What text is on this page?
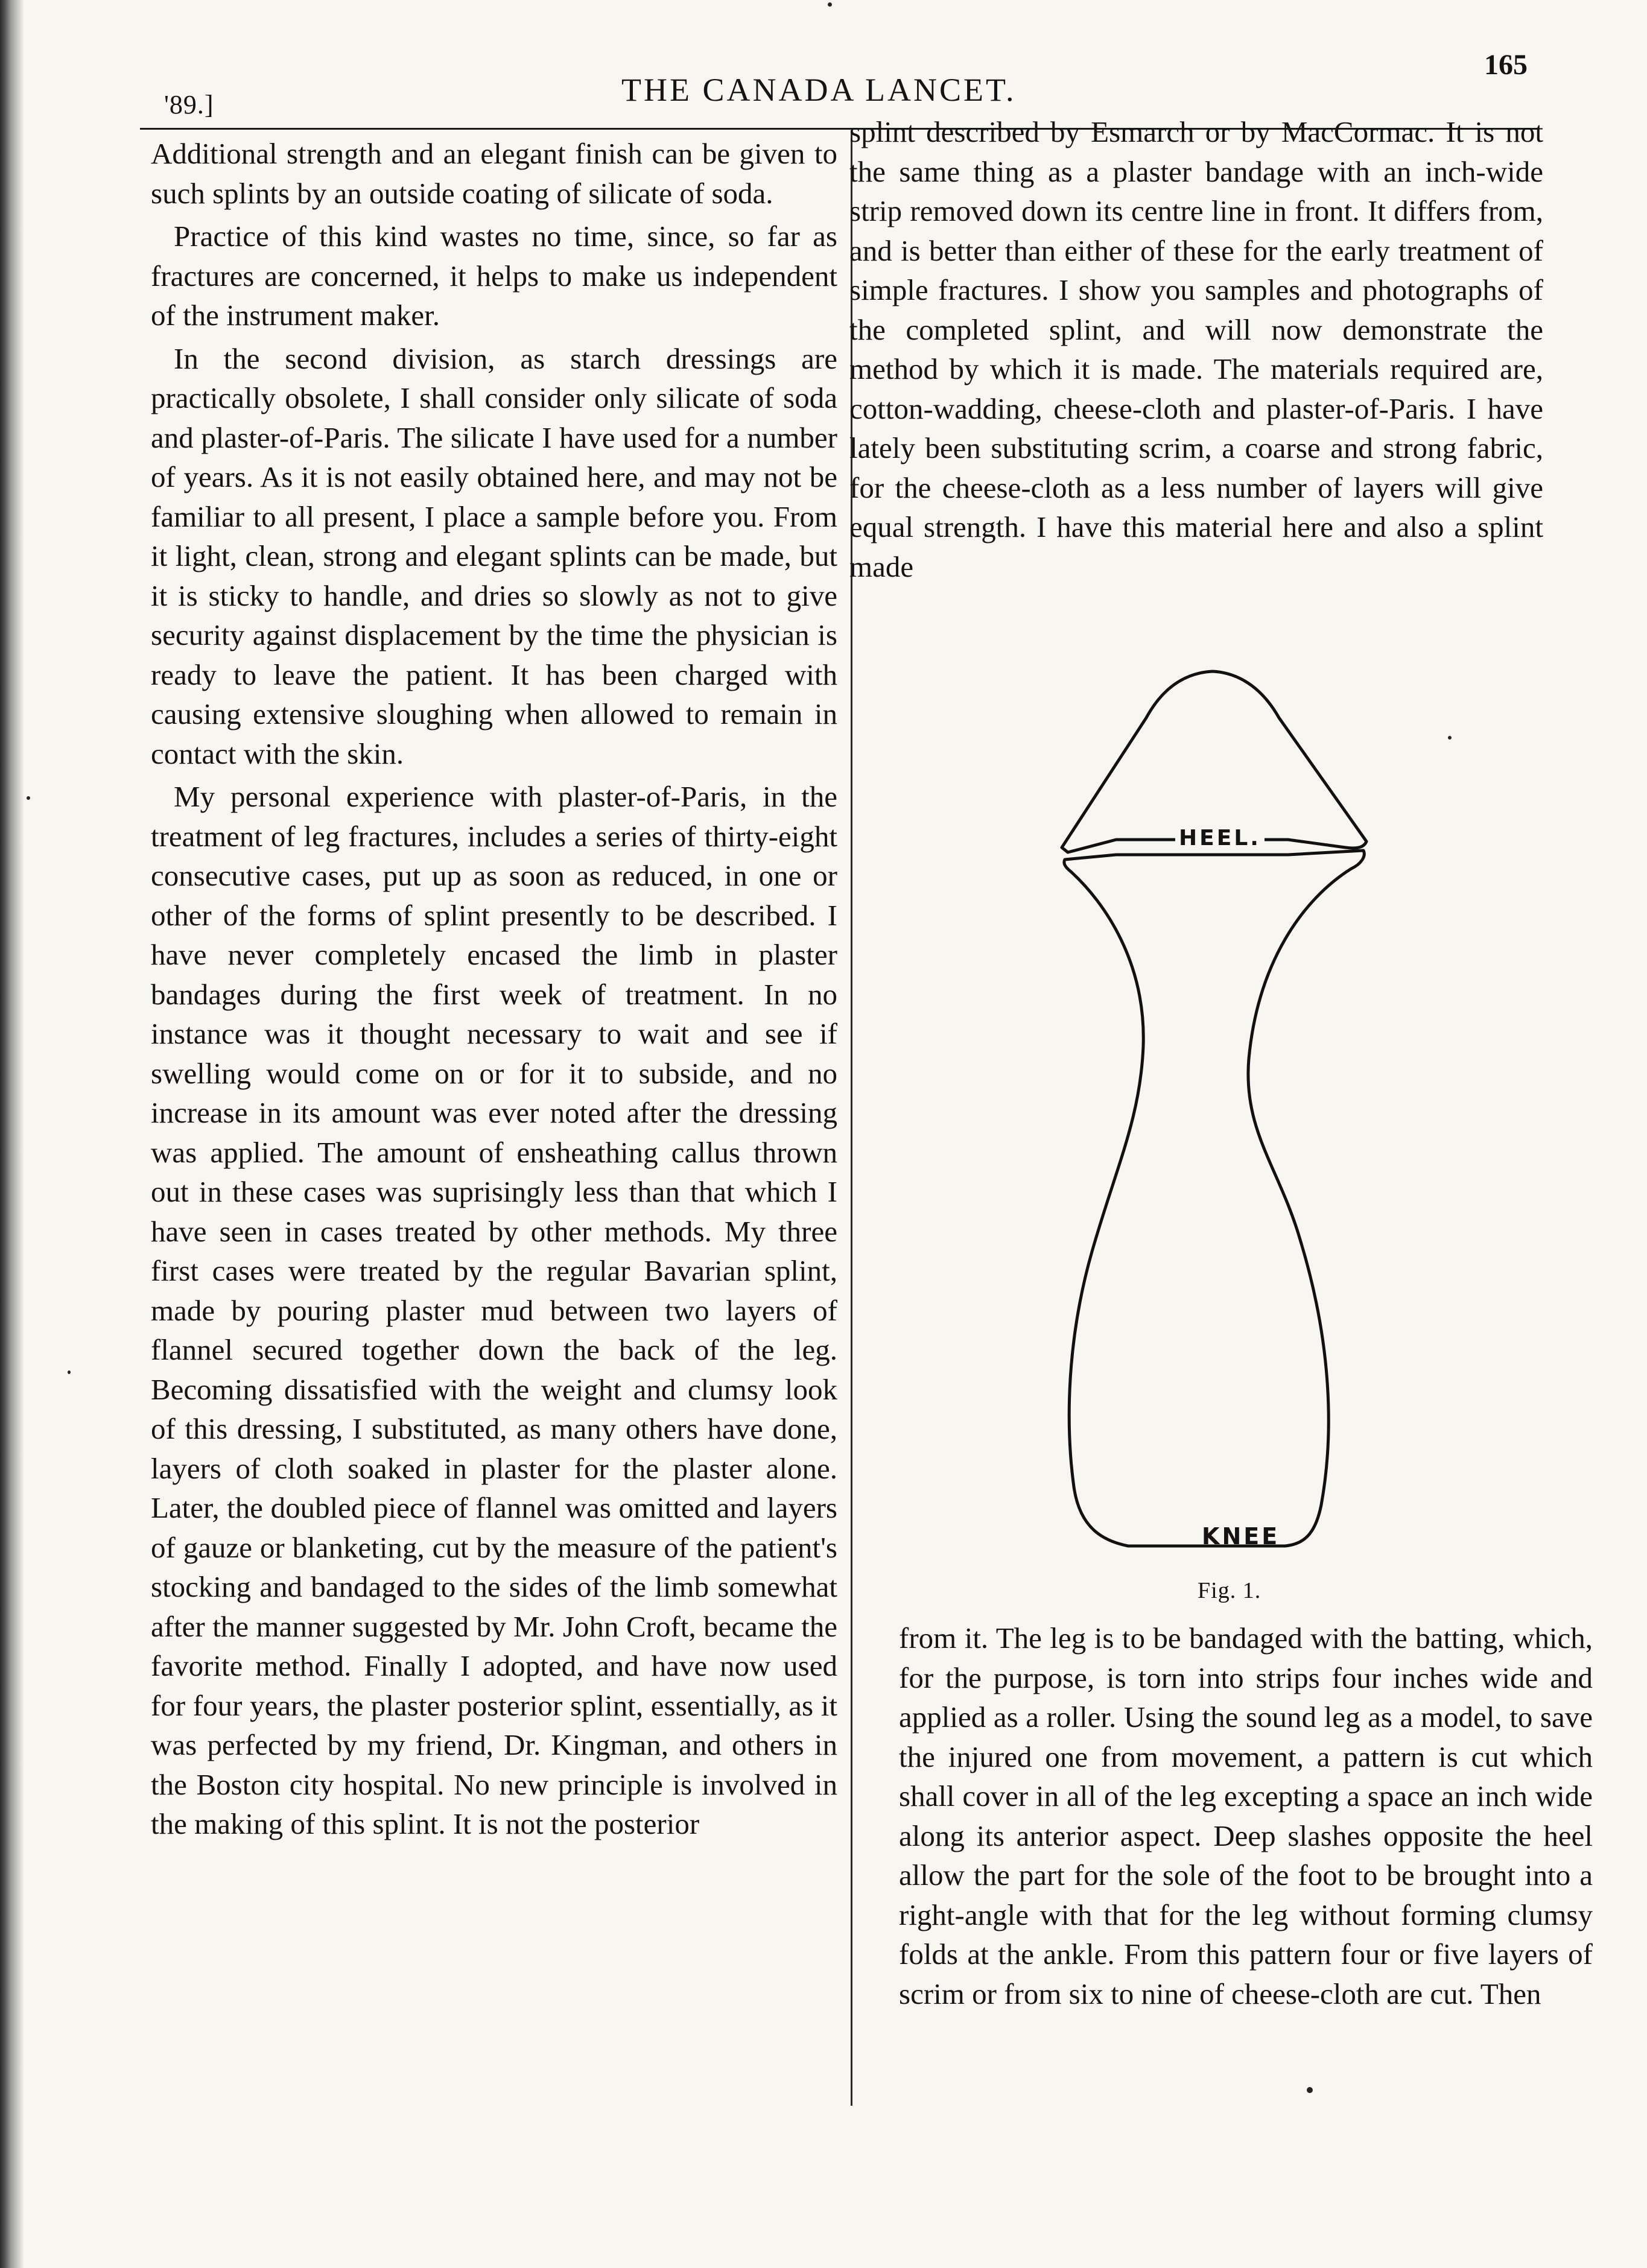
'89.]	THE CANADA LANCET.
165

Additional strength and an elegant finish can be given to such splints by an outside coating of silicate of soda.

Practice of this kind wastes no time, since, so far as fractures are concerned, it helps to make us independent of the instrument maker.

In the second division, as starch dressings are practically obsolete, I shall consider only silicate of soda and plaster-of-Paris. The silicate I have used for a number of years. As it is not easily obtained here, and may not be familiar to all present, I place a sample before you. From it light, clean, strong and elegant splints can be made, but it is sticky to handle, and dries so slowly as not to give security against displacement by the time the physician is ready to leave the patient. It has been charged with causing extensive sloughing when allowed to remain in contact with the skin.

My personal experience with plaster-of-Paris, in the treatment of leg fractures, includes a series of thirty-eight consecutive cases, put up as soon as reduced, in one or other of the forms of splint presently to be described. I have never completely encased the limb in plaster bandages during the first week of treatment. In no instance was it thought necessary to wait and see if swelling would come on or for it to subside, and no increase in its amount was ever noted after the dressing was applied. The amount of ensheathing callus thrown out in these cases was suprisingly less than that which I have seen in cases treated by other methods. My three first cases were treated by the regular Bavarian splint, made by pouring plaster mud between two layers of flannel secured together down the back of the leg. Becoming dissatisfied with the weight and clumsy look of this dressing, I substituted, as many others have done, layers of cloth soaked in plaster for the plaster alone. Later, the doubled piece of flannel was omitted and layers of gauze or blanketing, cut by the measure of the patient's stocking and bandaged to the sides of the limb somewhat after the manner suggested by Mr. John Croft, became the favorite method. Finally I adopted, and have now used for four years, the plaster posterior splint, essentially, as it was perfected by my friend, Dr. Kingman, and others in the Boston city hospital. No new principle is involved in the making of this splint. It is not the posterior

splint described by Esmarch or by MacCormac. It is not the same thing as a plaster bandage with an inch-wide strip removed down its centre line in front. It differs from, and is better than either of these for the early treatment of simple fractures. I show you samples and photographs of the completed splint, and will now demonstrate the method by which it is made. The materials required are, cotton-wadding, cheese-cloth and plaster-of-Paris. I have lately been substituting scrim, a coarse and strong fabric, for the cheese-cloth as a less number of layers will give equal strength. I have this material here and also a splint made

HEEL.
KNEE
Fig. 1.

from it. The leg is to be bandaged with the batting, which, for the purpose, is torn into strips four inches wide and applied as a roller. Using the sound leg as a model, to save the injured one from movement, a pattern is cut which shall cover in all of the leg excepting a space an inch wide along its anterior aspect. Deep slashes opposite the heel allow the part for the sole of the foot to be brought into a right-angle with that for the leg without forming clumsy folds at the ankle. From this pattern four or five layers of scrim or from six to nine of cheese-cloth are cut. Then
